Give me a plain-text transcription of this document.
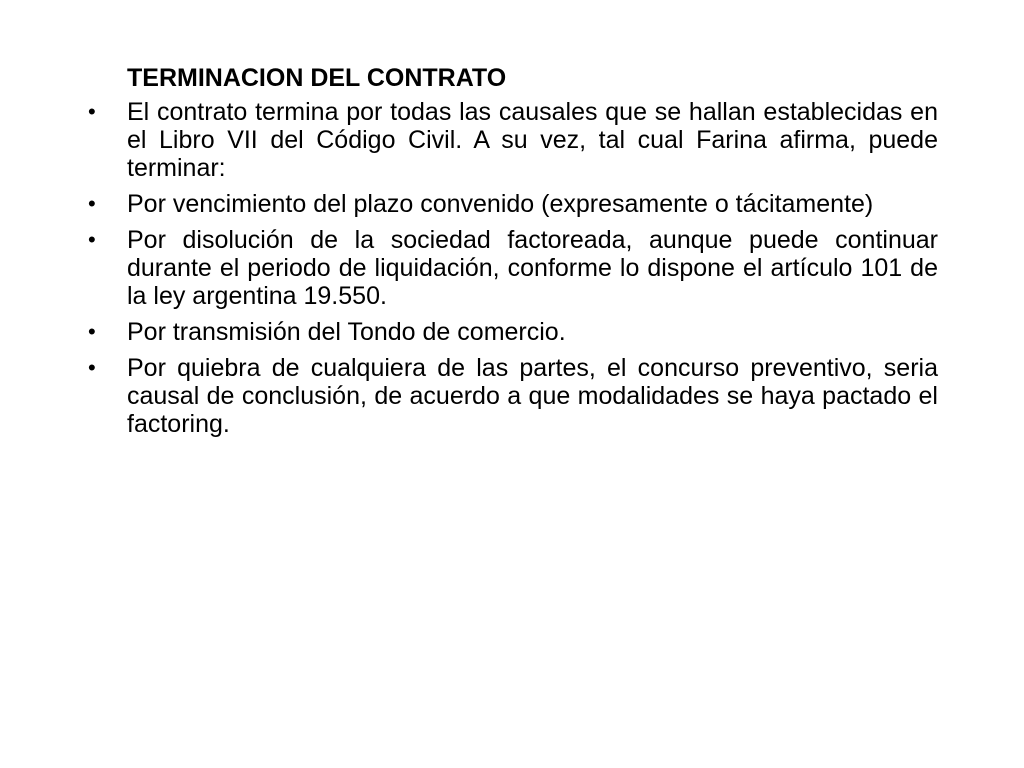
TERMINACION DEL CONTRATO
• El contrato termina por todas las causales que se hallan establecidas en el Libro VII del Código Civil. A su vez, tal cual Farina afirma, puede terminar:
• Por vencimiento del plazo convenido (expresamente o tácitamente)
• Por disolución de la sociedad factoreada, aunque puede continuar durante el periodo de liquidación, conforme lo dispone el artículo 101 de la ley argentina 19.550.
• Por transmisión del Tondo de comercio.
• Por quiebra de cualquiera de las partes, el concurso preventivo, seria causal de conclusión, de acuerdo a que modalidades se haya pactado el factoring.
